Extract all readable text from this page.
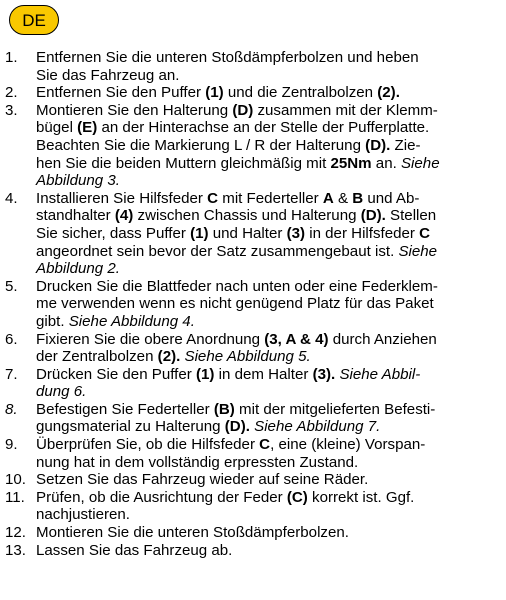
DE
1.	Entfernen Sie die unteren Stoßdämpferbolzen und heben
Sie das Fahrzeug an.
2.	Entfernen Sie den Puffer (1) und die Zentralbolzen (2).
3.	Montieren Sie den Halterung (D) zusammen mit der Klemm-
bügel (E) an der Hinterachse an der Stelle der Pufferplatte.
Beachten Sie die Markierung L / R der Halterung (D). Zie-
hen Sie die beiden Muttern gleichmäßig mit 25Nm an. Siehe
Abbildung 3.
4.	Installieren Sie Hilfsfeder C mit Federteller A & B und Ab-
standhalter (4) zwischen Chassis und Halterung (D). Stellen
Sie sicher, dass Puffer (1) und Halter (3) in der Hilfsfeder C
angeordnet sein bevor der Satz zusammengebaut ist. Siehe
Abbildung 2.
5.	Drucken Sie die Blattfeder nach unten oder eine Federklem-
me verwenden wenn es nicht genügend Platz für das Paket
gibt. Siehe Abbildung 4.
6.	Fixieren Sie die obere Anordnung (3, A & 4) durch Anziehen
der Zentralbolzen (2). Siehe Abbildung 5.
7.	Drücken Sie den Puffer (1) in dem Halter (3). Siehe Abbil-
dung 6.
8.	Befestigen Sie Federteller (B) mit der mitgelieferten Befesti-
gungsmaterial zu Halterung (D). Siehe Abbildung 7.
9.	Überprüfen Sie, ob die Hilfsfeder C, eine (kleine) Vorspan-
nung hat in dem vollständig erpressten Zustand.
10. Setzen Sie das Fahrzeug wieder auf seine Räder.
11. Prüfen, ob die Ausrichtung der Feder (C) korrekt ist. Ggf.
nachjustieren.
12. Montieren Sie die unteren Stoßdämpferbolzen.
13. Lassen Sie das Fahrzeug ab.
